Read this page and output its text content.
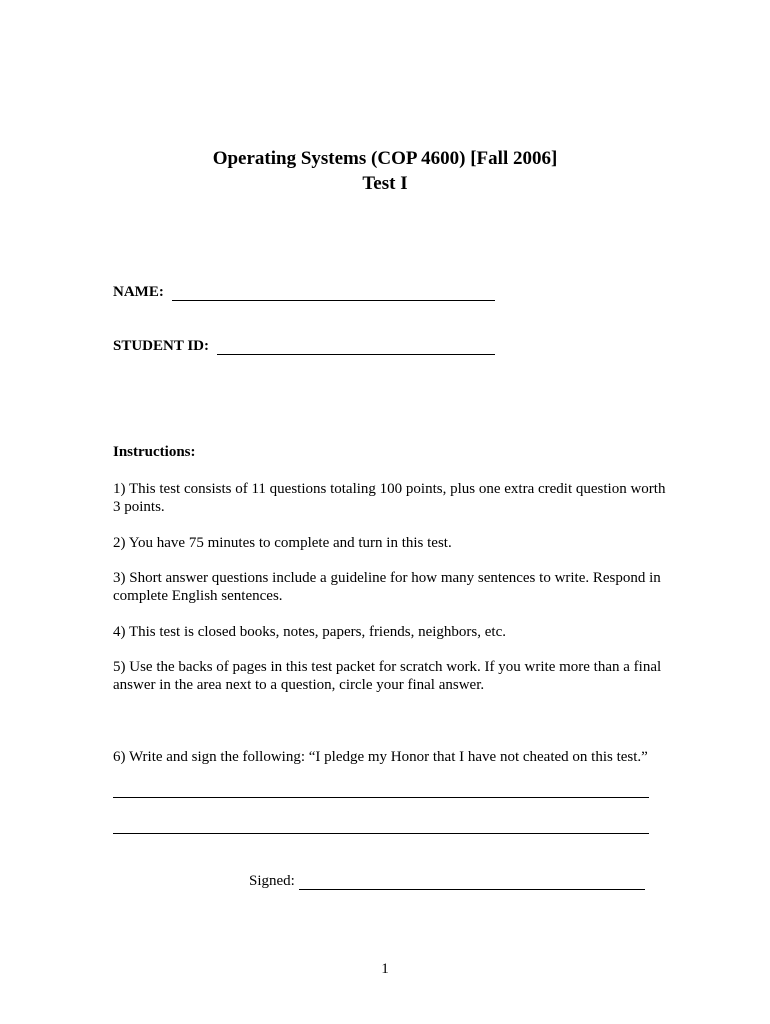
Operating Systems (COP 4600) [Fall 2006]
Test I
NAME:
STUDENT ID:
Instructions:

1) This test consists of 11 questions totaling 100 points, plus one extra credit question worth 3 points.

2) You have 75 minutes to complete and turn in this test.

3) Short answer questions include a guideline for how many sentences to write. Respond in complete English sentences.

4) This test is closed books, notes, papers, friends, neighbors, etc.

5) Use the backs of pages in this test packet for scratch work. If you write more than a final answer in the area next to a question, circle your final answer.

6) Write and sign the following: “I pledge my Honor that I have not cheated on this test.”

Signed:
1
